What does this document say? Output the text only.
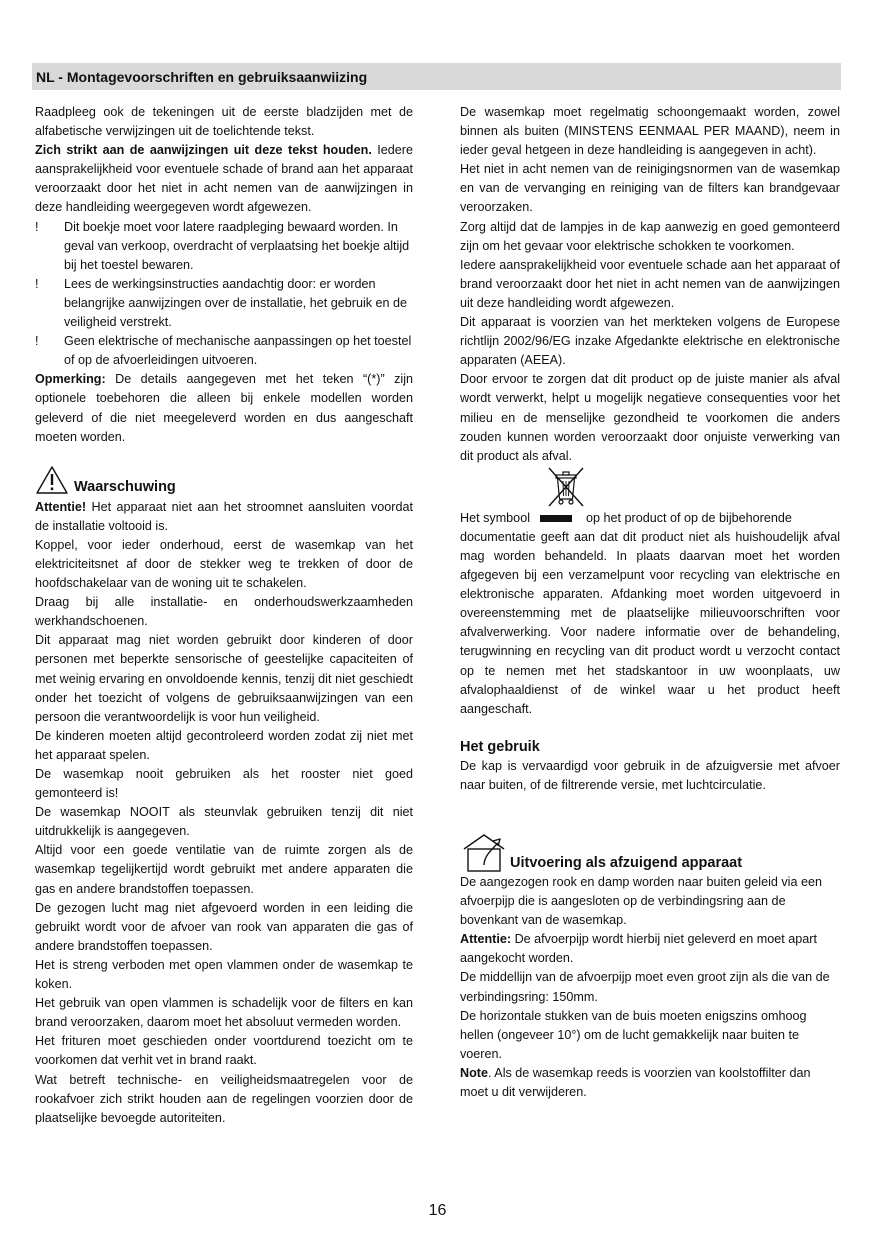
NL - Montagevoorschriften en gebruiksaanwiizing

Raadpleeg ook de tekeningen uit de eerste bladzijden met de alfabetische verwijzingen uit de toelichtende tekst.

Zich strikt aan de aanwijzingen uit deze tekst houden. Iedere aansprakelijkheid voor eventuele schade of brand aan het apparaat veroorzaakt door het niet in acht nemen van de aanwijzingen in deze handleiding weergegeven wordt afgewezen.

!	Dit boekje moet voor latere raadpleging bewaard worden. In geval van verkoop, overdracht of verplaatsing het boekje altijd bij het toestel bewaren.
!	Lees de werkingsinstructies aandachtig door: er worden belangrijke aanwijzingen over de installatie, het gebruik en de veiligheid verstrekt.
!	Geen elektrische of mechanische aanpassingen op het toestel of op de afvoerleidingen uitvoeren.

Opmerking: De details aangegeven met het teken “(*)” zijn optionele toebehoren die alleen bij enkele modellen worden geleverd of die niet meegeleverd worden en dus aangeschaft moeten worden.

Waarschuwing

Attentie! Het apparaat niet aan het stroomnet aansluiten voordat de installatie voltooid is.

Koppel, voor ieder onderhoud, eerst de wasemkap van het elektriciteitsnet af door de stekker weg te trekken of door de hoofdschakelaar van de woning uit te schakelen.

Draag bij alle installatie- en onderhoudswerkzaamheden werkhandschoenen.

Dit apparaat mag niet worden gebruikt door kinderen of door personen met beperkte sensorische of geestelijke capaciteiten of met weinig ervaring en onvoldoende kennis, tenzij dit niet geschiedt onder het toezicht of volgens de gebruiksaanwijzingen van een persoon die verantwoordelijk is voor hun veiligheid.

De kinderen moeten altijd gecontroleerd worden zodat zij niet met het apparaat spelen.

De wasemkap nooit gebruiken als het rooster niet goed gemonteerd is!

De wasemkap NOOIT als steunvlak gebruiken tenzij dit niet uitdrukkelijk is aangegeven.

Altijd voor een goede ventilatie van de ruimte zorgen als de wasemkap tegelijkertijd wordt gebruikt met andere apparaten die gas en andere brandstoffen toepassen.

De gezogen lucht mag niet afgevoerd worden in een leiding die gebruikt wordt voor de afvoer van rook van apparaten die gas of andere brandstoffen toepassen.

Het is streng verboden met open vlammen onder de wasemkap te koken.

Het gebruik van open vlammen is schadelijk voor de filters en kan brand veroorzaken, daarom moet het absoluut vermeden worden.

Het frituren moet geschieden onder voortdurend toezicht om te voorkomen dat verhit vet in brand raakt.

Wat betreft technische- en veiligheidsmaatregelen voor de rookafvoer zich strikt houden aan de regelingen voorzien door de plaatselijke bevoegde autoriteiten.

De wasemkap moet regelmatig schoongemaakt worden, zowel binnen als buiten (MINSTENS EENMAAL PER MAAND), neem in ieder geval hetgeen in deze handleiding is aangegeven in acht).

Het niet in acht nemen van de reinigingsnormen van de wasemkap en van de vervanging en reiniging van de filters kan brandgevaar veroorzaken.

Zorg altijd dat de lampjes in de kap aanwezig en goed gemonteerd zijn om het gevaar voor elektrische schokken te voorkomen.

Iedere aansprakelijkheid voor eventuele schade aan het apparaat of brand veroorzaakt door het niet in acht nemen van de aanwijzingen uit deze handleiding wordt afgewezen.

Dit apparaat is voorzien van het merkteken volgens de Europese richtlijn 2002/96/EG inzake Afgedankte elektrische en elektronische apparaten (AEEA).

Door ervoor te zorgen dat dit product op de juiste manier als afval wordt verwerkt, helpt u mogelijk negatieve consequenties voor het milieu en de menselijke gezondheid te voorkomen die anders zouden kunnen worden veroorzaakt door onjuiste verwerking van dit product als afval.

Het symbool	op het product of op de bijbehorende

documentatie geeft aan dat dit product niet als huishoudelijk afval mag worden behandeld. In plaats daarvan moet het worden afgegeven bij een verzamelpunt voor recycling van elektrische en elektronische apparaten. Afdanking moet worden uitgevoerd in overeenstemming met de plaatselijke milieuvoorschriften voor afvalverwerking. Voor nadere informatie over de behandeling, terugwinning en recycling van dit product wordt u verzocht contact op te nemen met het stadskantoor in uw woonplaats, uw afvalophaaldienst of de winkel waar u het product heeft aangeschaft.

Het gebruik

De kap is vervaardigd voor gebruik in de afzuigversie met afvoer naar buiten, of de filtrerende versie, met luchtcirculatie.

Uitvoering als afzuigend apparaat

De aangezogen rook en damp worden naar buiten geleid via een afvoerpijp die is aangesloten op de verbindingsring aan de bovenkant van de wasemkap.

Attentie: De afvoerpijp wordt hierbij niet geleverd en moet apart aangekocht worden.

De middellijn van de afvoerpijp moet even groot zijn als die van de verbindingsring: 150mm.

De horizontale stukken van de buis moeten enigszins omhoog hellen (ongeveer 10°) om de lucht gemakkelijk naar buiten te voeren.

Note. Als de wasemkap reeds is voorzien van koolstoffilter dan moet u dit verwijderen.

16
